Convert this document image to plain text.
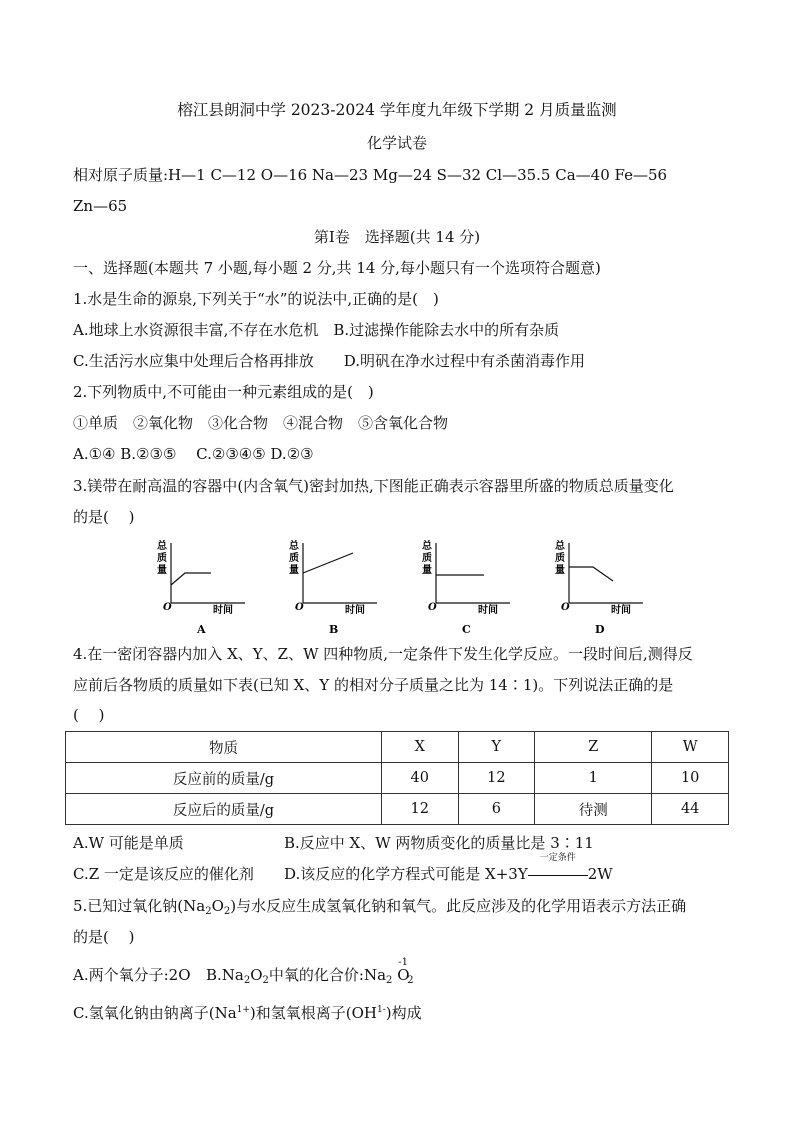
榕江县朗洞中学 2023-2024 学年度九年级下学期 2 月质量监测
化学试卷
相对原子质量:H—1 C—12 O—16 Na—23 Mg—24 S—32 Cl—35.5 Ca—40 Fe—56
Zn—65
第Ⅰ卷　选择题(共 14 分)
一、选择题(本题共 7 小题,每小题 2 分,共 14 分,每小题只有一个选项符合题意)
1.水是生命的源泉,下列关于“水”的说法中,正确的是(　)
A.地球上水资源很丰富,不存在水危机　B.过滤操作能除去水中的所有杂质
C.生活污水应集中处理后合格再排放　　D.明矾在净水过程中有杀菌消毒作用
2.下列物质中,不可能由一种元素组成的是(　)
①单质　②氧化物　③化合物　④混合物　⑤含氧化合物
A.①④ B.②③⑤　 C.②③④⑤ D.②③
3.镁带在耐高温的容器中(内含氧气)密封加热,下图能正确表示容器里所盛的物质总质量变化
的是(　 )
总
质
量
O	时间
A
总
质
量
O	时间
B
总
质
量
O	时间
C
总
质
量
O	时间
D
4.在一密闭容器内加入 X、Y、Z、W 四种物质,一定条件下发生化学反应。一段时间后,测得反
应前后各物质的质量如下表(已知 X、Y 的相对分子质量之比为 14∶1)。下列说法正确的是
(　 )
物质	X	Y	Z	W
反应前的质量/g	40	12	1	10
反应后的质量/g	12	6	待测	44
A.W 可能是单质	B.反应中 X、W 两物质变化的质量比是 3∶11
C.Z 一定是该反应的催化剂 D.该反应的化学方程式可能是 X+3Y
一定条件
2W
5.已知过氧化钠$(Na_2O_2)$与水反应生成氢氧化钠和氧气。此反应涉及的化学用语表示方法正确
的是(　 )
A.两个氧分子:2O $B.Na_2O_2$中氧的化合价$:Na_2$
-1
$O_2$
C.氢氧化钠由钠离子$(Na^{1+})$和氢氧根离子$(OH^{1-})$构成
